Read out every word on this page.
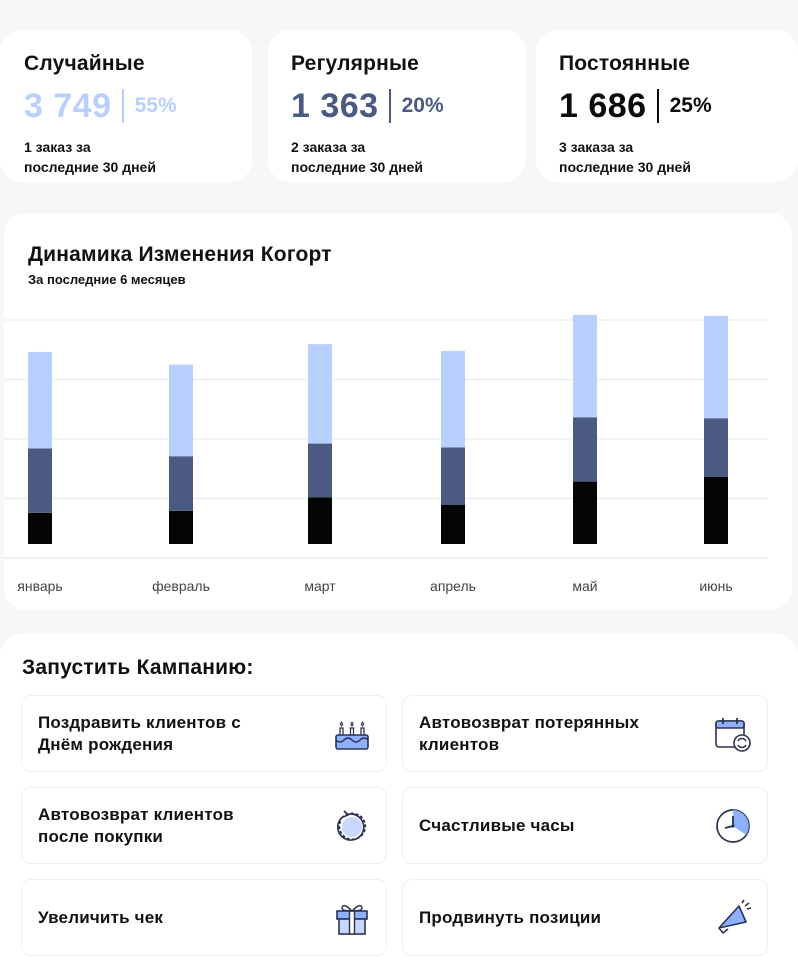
Случайные
3 749 55%
1 заказ за
последние 30 дней
Регулярные
1 363 20%
2 заказа за
последние 30 дней
Постоянные
1 686 25%
3 заказа за
последние 30 дней
январь	февраль	март	апрель	май	июнь
Динамика Изменения Когорт
За последние 6 месяцев
Запустить Кампанию:
Поздравить клиентов с
Днём рождения
Автовозврат потерянных
клиентов
Автовозврат клиентов
после покупки
Счастливые часы
Увеличить чек	Продвинуть позиции
